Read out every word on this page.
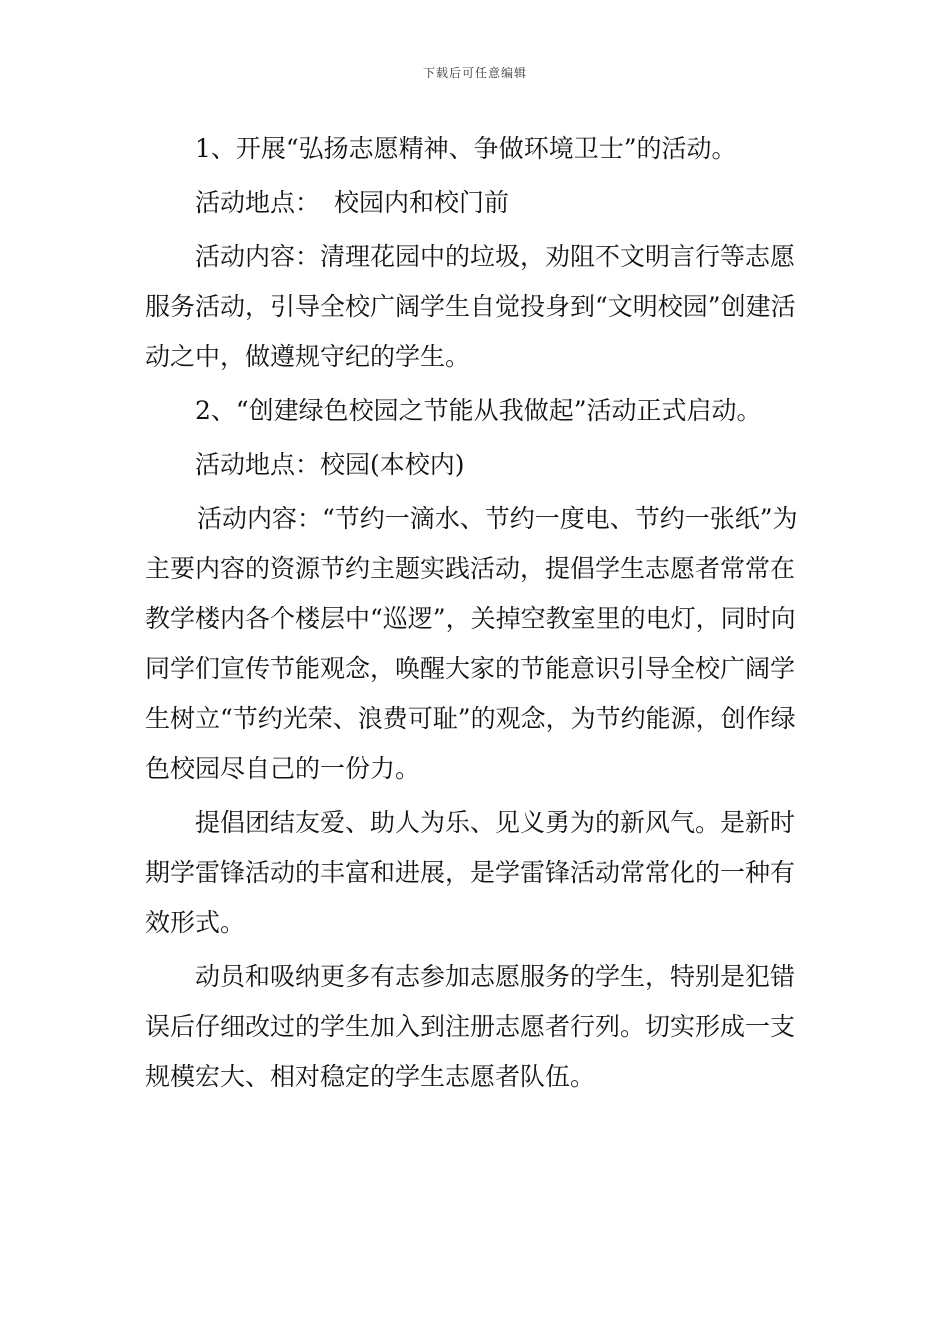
下载后可任意编辑

1、开展“弘扬志愿精神、争做环境卫士”的活动。

活动地点： 校园内和校门前

活动内容：清理花园中的垃圾，劝阻不文明言行等志愿服务活动，引导全校广阔学生自觉投身到“文明校园”创建活动之中，做遵规守纪的学生。

2、“创建绿色校园之节能从我做起”活动正式启动。

活动地点：校园(本校内)

活动内容：“节约一滴水、节约一度电、节约一张纸”为主要内容的资源节约主题实践活动，提倡学生志愿者常常在教学楼内各个楼层中“巡逻”，关掉空教室里的电灯，同时向同学们宣传节能观念，唤醒大家的节能意识引导全校广阔学生树立“节约光荣、浪费可耻”的观念，为节约能源，创作绿色校园尽自己的一份力。

提倡团结友爱、助人为乐、见义勇为的新风气。是新时期学雷锋活动的丰富和进展，是学雷锋活动常常化的一种有效形式。

动员和吸纳更多有志参加志愿服务的学生，特别是犯错误后仔细改过的学生加入到注册志愿者行列。切实形成一支规模宏大、相对稳定的学生志愿者队伍。
